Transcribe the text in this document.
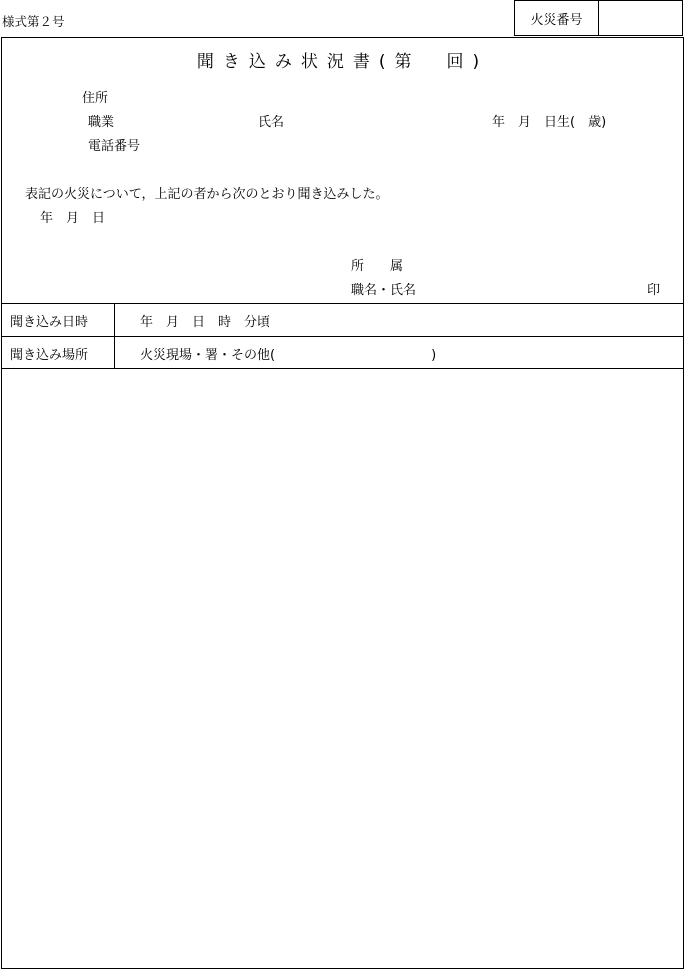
様式第２号	火災番号
聞き込み状況書(第　回)
住所
職業	氏名	年　月　日生(　歳)
電話番号
表記の火災について，上記の者から次のとおり聞き込みした。
年　月　日
所　　属
職名・氏名	印
聞き込み日時	年　月　日　時　分頃
聞き込み場所	火災現場・署・その他(　　　　　　　　　　　　)
